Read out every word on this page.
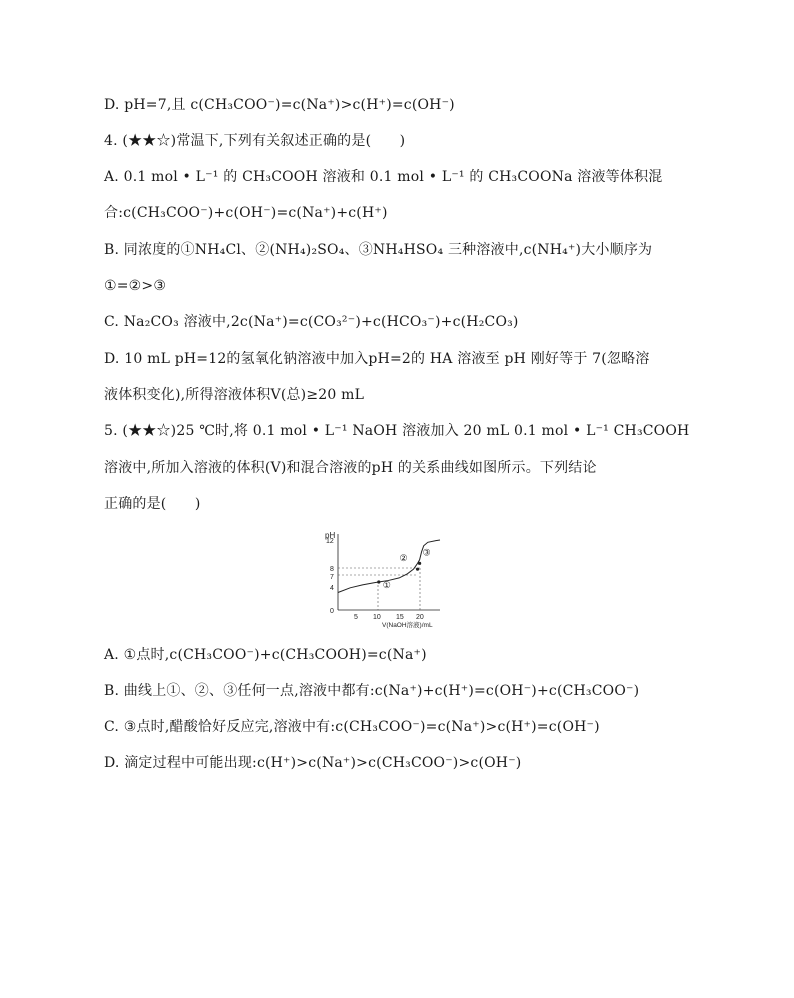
D. pH=7,且 c(CH₃COO⁻)=c(Na⁺)>c(H⁺)=c(OH⁻)
4. (★★☆)常温下,下列有关叙述正确的是(　　)
A. 0.1 mol • L⁻¹ 的 CH₃COOH 溶液和 0.1 mol • L⁻¹ 的 CH₃COONa 溶液等体积混
合:c(CH₃COO⁻)+c(OH⁻)=c(Na⁺)+c(H⁺)
B. 同浓度的①NH₄Cl、②(NH₄)₂SO₄、③NH₄HSO₄ 三种溶液中,c(NH₄⁺)大小顺序为
①=②>③
C. Na₂CO₃ 溶液中,2c(Na⁺)=c(CO₃²⁻)+c(HCO₃⁻)+c(H₂CO₃)
D. 10 mL pH=12的氢氧化钠溶液中加入pH=2的 HA 溶液至 pH 刚好等于 7(忽略溶
液体积变化),所得溶液体积V(总)≥20 mL
5. (★★☆)25 ℃时,将 0.1 mol • L⁻¹ NaOH 溶液加入 20 mL 0.1 mol • L⁻¹ CH₃COOH
溶液中,所加入溶液的体积(V)和混合溶液的pH 的关系曲线如图所示。下列结论
正确的是(　　)
pH
V(NaOH溶液)/mL
12
8
7
4
0
5 10 15 20
①
②
③
A. ①点时,c(CH₃COO⁻)+c(CH₃COOH)=c(Na⁺)
B. 曲线上①、②、③任何一点,溶液中都有:c(Na⁺)+c(H⁺)=c(OH⁻)+c(CH₃COO⁻)
C. ③点时,醋酸恰好反应完,溶液中有:c(CH₃COO⁻)=c(Na⁺)>c(H⁺)=c(OH⁻)
D. 滴定过程中可能出现:c(H⁺)>c(Na⁺)>c(CH₃COO⁻)>c(OH⁻)
